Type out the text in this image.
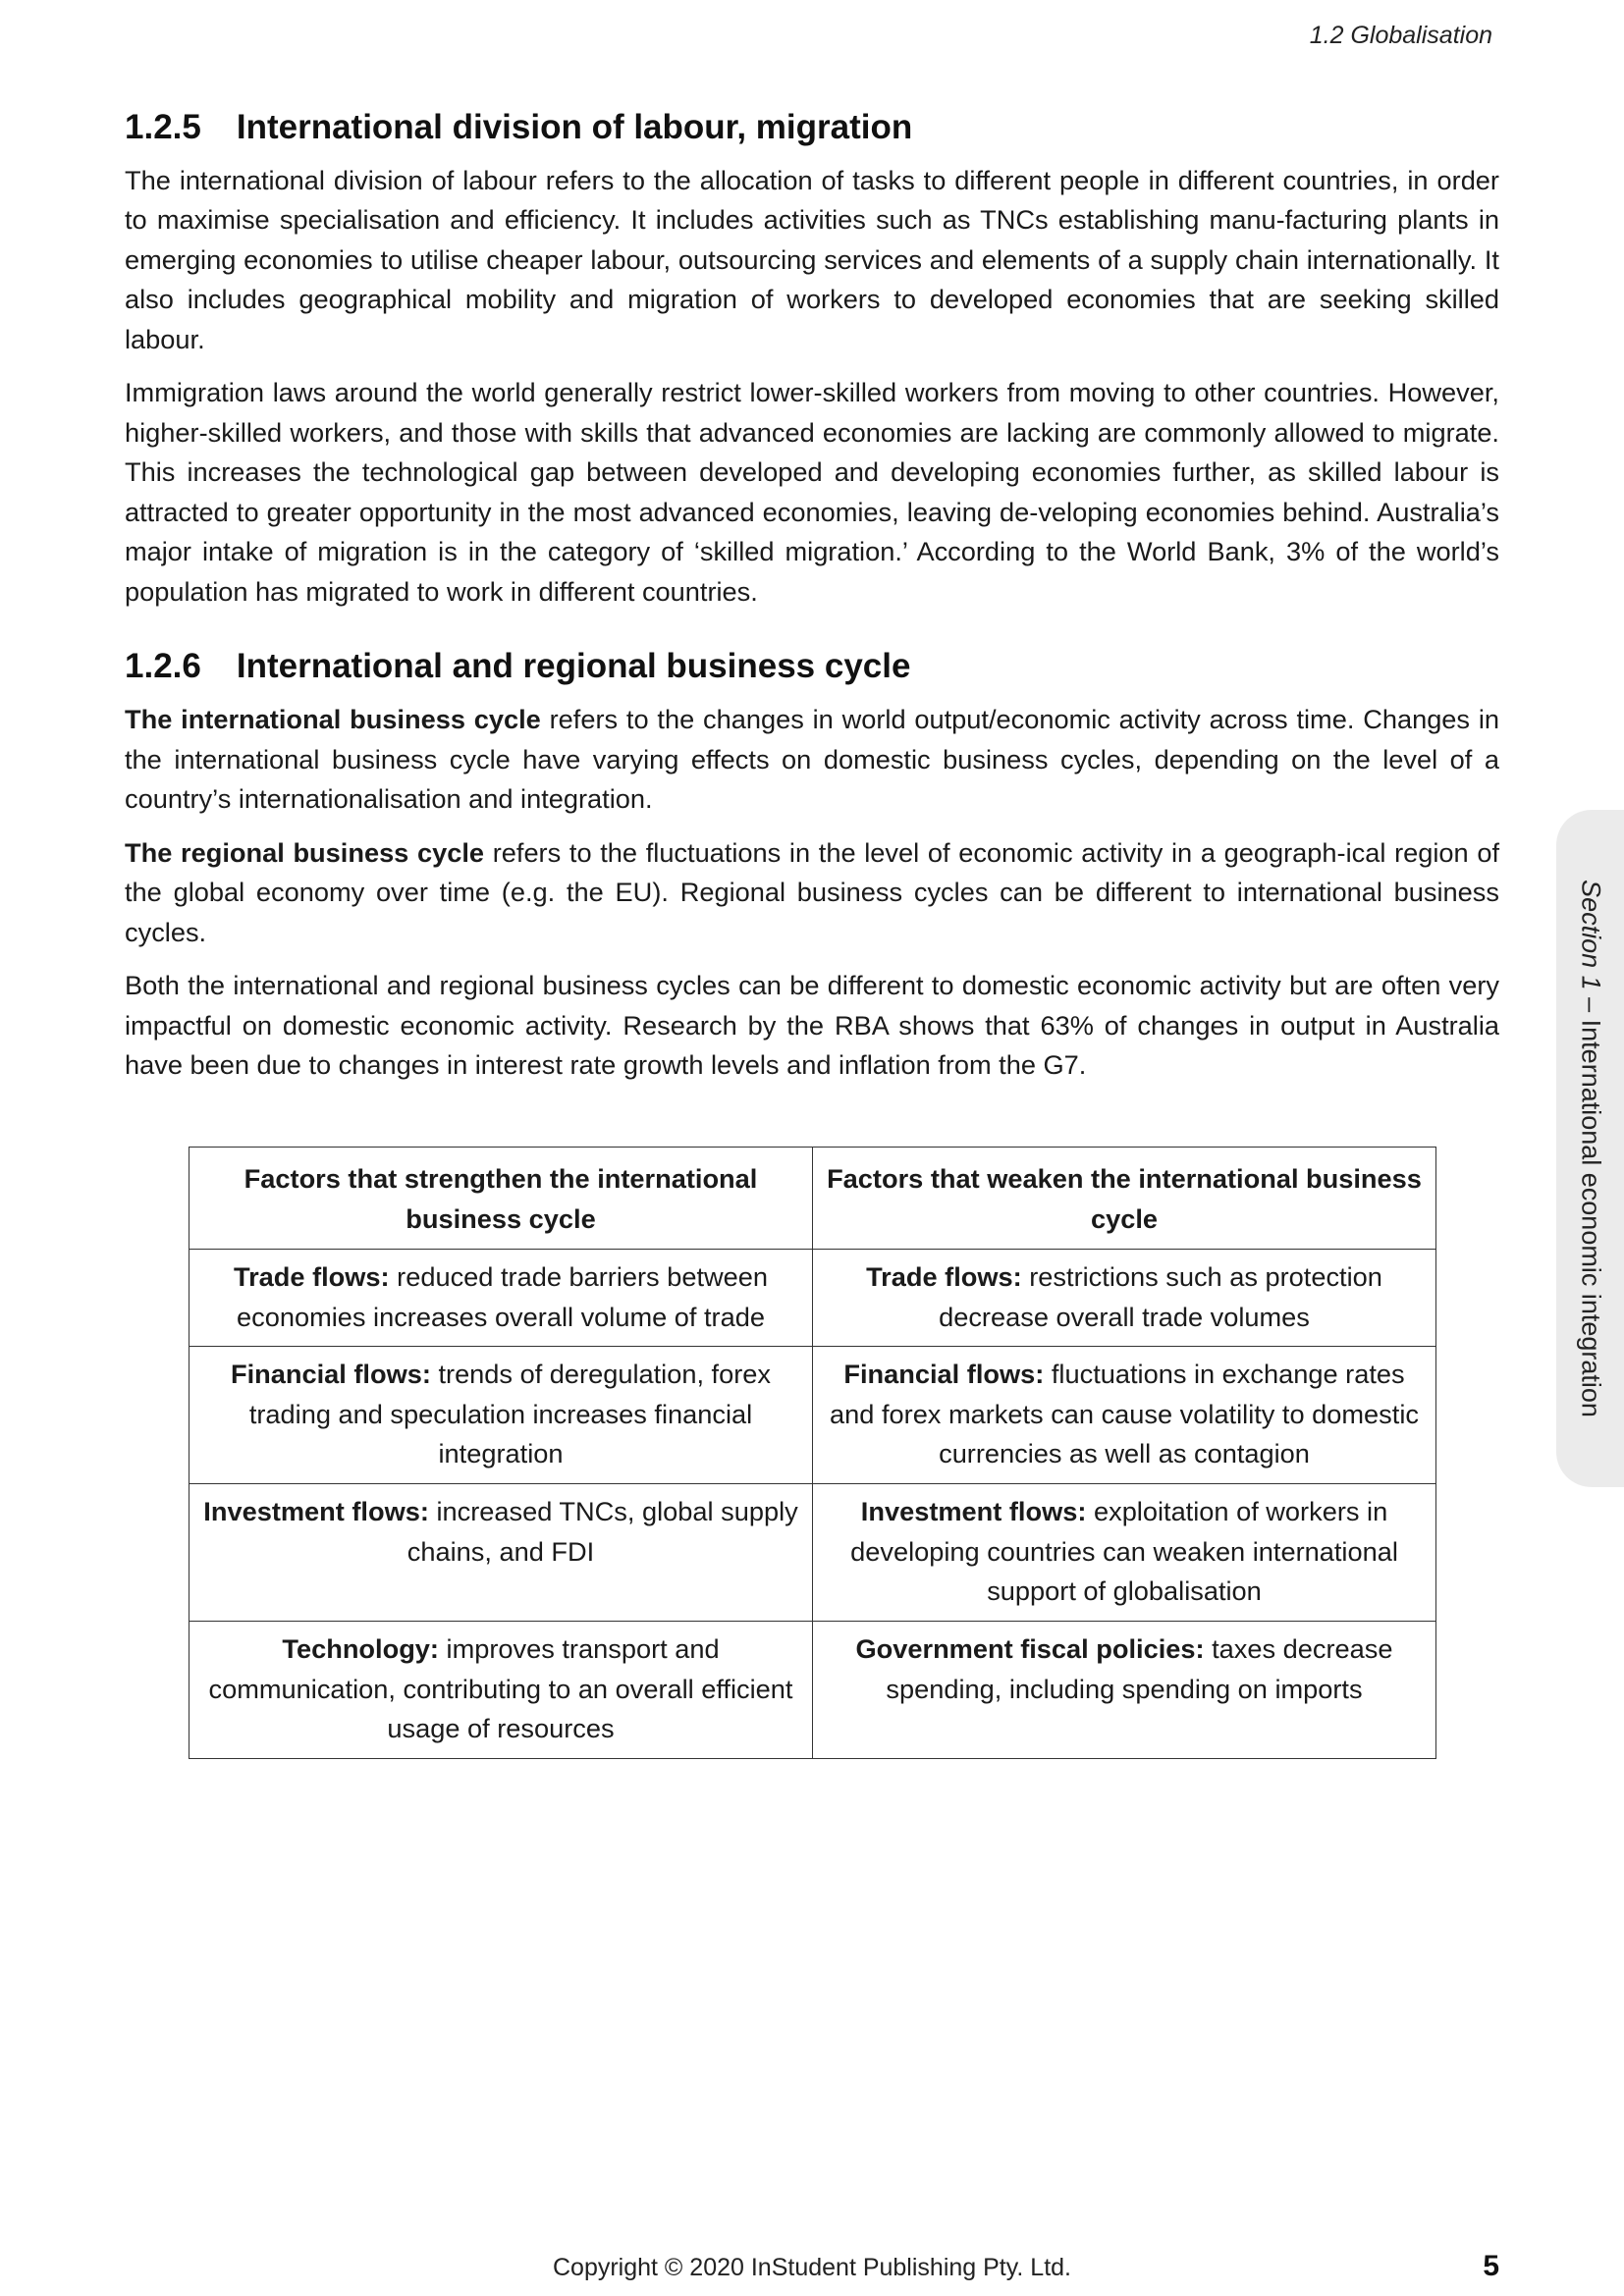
1.2 Globalisation
1.2.5 International division of labour, migration

The international division of labour refers to the allocation of tasks to different people in different countries, in order to maximise specialisation and efficiency. It includes activities such as TNCs establishing manu-facturing plants in emerging economies to utilise cheaper labour, outsourcing services and elements of a supply chain internationally. It also includes geographical mobility and migration of workers to developed economies that are seeking skilled labour.

Immigration laws around the world generally restrict lower-skilled workers from moving to other countries. However, higher-skilled workers, and those with skills that advanced economies are lacking are commonly allowed to migrate. This increases the technological gap between developed and developing economies further, as skilled labour is attracted to greater opportunity in the most advanced economies, leaving de-veloping economies behind. Australia’s major intake of migration is in the category of ‘skilled migration.’ According to the World Bank, 3% of the world’s population has migrated to work in different countries.

1.2.6 International and regional business cycle

The international business cycle refers to the changes in world output/economic activity across time. Changes in the international business cycle have varying effects on domestic business cycles, depending on the level of a country’s internationalisation and integration.

The regional business cycle refers to the fluctuations in the level of economic activity in a geograph-ical region of the global economy over time (e.g. the EU). Regional business cycles can be different to international business cycles.

Both the international and regional business cycles can be different to domestic economic activity but are often very impactful on domestic economic activity. Research by the RBA shows that 63% of changes in output in Australia have been due to changes in interest rate growth levels and inflation from the G7.

Factors that strengthen the international business cycle	Factors that weaken the international business cycle
Trade flows: reduced trade barriers between economies increases overall volume of trade	Trade flows: restrictions such as protection decrease overall trade volumes
Financial flows: trends of deregulation, forex trading and speculation increases financial integration	Financial flows: fluctuations in exchange rates and forex markets can cause volatility to domestic currencies as well as contagion
Investment flows: increased TNCs, global supply chains, and FDI	Investment flows: exploitation of workers in developing countries can weaken international support of globalisation
Technology: improves transport and communication, contributing to an overall efficient usage of resources	Government fiscal policies: taxes decrease spending, including spending on imports
Section 1 – International economic integration
Copyright © 2020 InStudent Publishing Pty. Ltd.	5
